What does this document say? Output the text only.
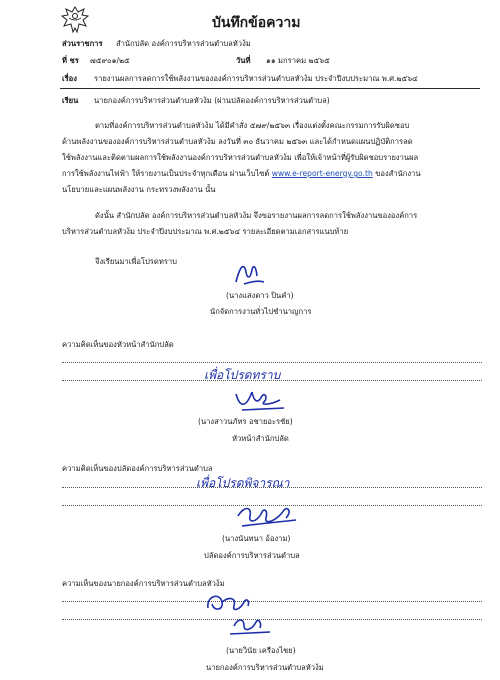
บันทึกข้อความ
ส่วนราชการ สำนักปลัด องค์การบริหารส่วนตำบลหัวง้ม
ที่ ชร ๗๕๙๐๑/๒๕	วันที่ ๑๑ มกราคม ๒๕๖๕
เรื่อง รายงานผลการลดการใช้พลังงานขององค์การบริหารส่วนตำบลหัวง้ม ประจำปีงบประมาณ พ.ศ.๒๕๖๔
เรียน นายกองค์การบริหารส่วนตำบลหัวง้ม (ผ่านปลัดองค์การบริหารส่วนตำบล)
ตามที่องค์การบริหารส่วนตำบลหัวง้ม ได้มีคำสั่ง ๕๗๙/๒๕๖๓ เรื่องแต่งตั้งคณะกรรมการรับผิดชอบ
ด้านพลังงานขององค์การบริหารส่วนตำบลหัวง้ม ลงวันที่ ๓๐ ธันวาคม ๒๕๖๓ และได้กำหนดแผนปฏิบัติการลด
ใช้พลังงานและติดตามผลการใช้พลังงานองค์การบริหารส่วนตำบลหัวง้ม เพื่อให้เจ้าหน้าที่ผู้รับผิดชอบรายงานผล
การใช้พลังงานไฟฟ้า ให้รายงานเป็นประจำทุกเดือน ผ่านเว็บไซต์ www.e-report-energy.go.th ของสำนักงาน
นโยบายและแผนพลังงาน กระทรวงพลังงาน นั้น
ดังนั้น สำนักปลัด องค์การบริหารส่วนตำบลหัวง้ม จึงขอรายงานผลการลดการใช้พลังงานขององค์การ
บริหารส่วนตำบลหัวง้ม ประจำปีงบประมาณ พ.ศ.๒๕๖๔ รายละเอียดตามเอกสารแนบท้าย
จึงเรียนมาเพื่อโปรดทราบ
(นางแสงดาว ปินคำ)
นักจัดการงานทั่วไปชำนาญการ
ความคิดเห็นของหัวหน้าสำนักปลัด
เพื่อโปรดทราบ
(นางสาวนภัทร อชายอะรชัย)
หัวหน้าสำนักปลัด
ความคิดเห็นของปลัดองค์การบริหารส่วนตำบล
เพื่อโปรดพิจารณา
(นางนันทนา อ้องาม)
ปลัดองค์การบริหารส่วนตำบล
ความเห็นของนายกองค์การบริหารส่วนตำบลหัวง้ม
(นายวินัย เครืองไชย)
นายกองค์การบริหารส่วนตำบลหัวง้ม
